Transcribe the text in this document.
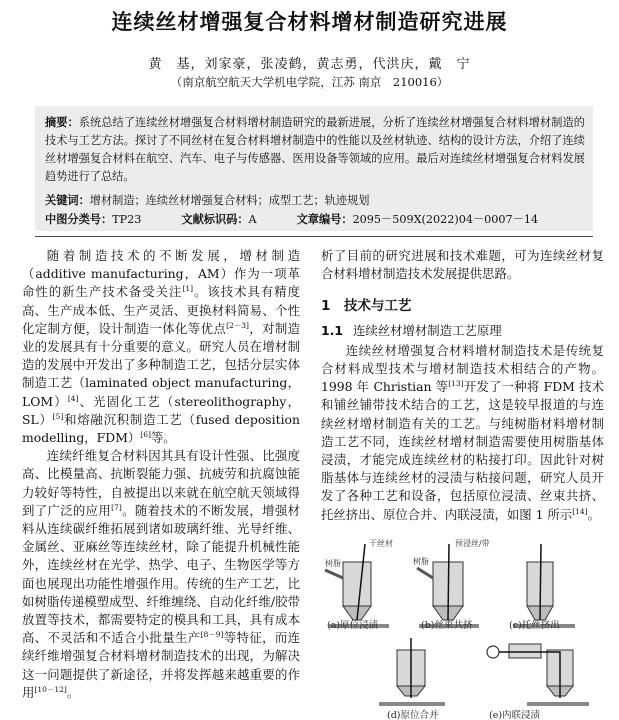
连续丝材增强复合材料增材制造研究进展
黄　基，刘家豪，张凌鹤，黄志勇，代洪庆，戴　宁
（南京航空航天大学机电学院，江苏 南京　210016）
摘要：系统总结了连续丝材增强复合材料增材制造研究的最新进展，分析了连续丝材增强复合材料增材制造的技术与工艺方法。探讨了不同丝材在复合材料增材制造中的性能以及丝材轨迹、结构的设计方法，介绍了连续丝材增强复合材料在航空、汽车、电子与传感器、医用设备等领域的应用。最后对连续丝材增强复合材料发展趋势进行了总结。
关键词：增材制造；连续丝材增强复合材料；成型工艺；轨迹规划
中图分类号：TP23	文献标识码：A	文章编号：2095－509X(2022)04－0007－14

随着制造技术的不断发展，增材制造（additive manufacturing，AM）作为一项革命性的新生产技术备受关注[1]。该技术具有精度高、生产成本低、生产灵活、更换材料简易、个性化定制方便，设计制造一体化等优点[2－3]，对制造业的发展具有十分重要的意义。研究人员在增材制造的发展中开发出了多种制造工艺，包括分层实体制造工艺（laminated object manufacturing，LOM）[4]、光固化工艺（stereolithography，SL）[5]和熔融沉积制造工艺（fused deposition modelling，FDM）[6]等。

连续纤维复合材料因其具有设计性强、比强度高、比模量高、抗断裂能力强、抗疲劳和抗腐蚀能力较好等特性，自被提出以来就在航空航天领域得到了广泛的应用[7]。随着技术的不断发展，增强材料从连续碳纤维拓展到诸如玻璃纤维、光导纤维、金属丝、亚麻丝等连续丝材，除了能提升机械性能外，连续丝材在光学、热学、电子、生物医学等方面也展现出功能性增强作用。传统的生产工艺，比如树脂传递模塑成型、纤维缠绕、自动化纤维/胶带放置等技术，都需要特定的模具和工具，具有成本高、不灵活和不适合小批量生产[8－9]等特征，而连续纤维增强复合材料增材制造技术的出现，为解决这一问题提供了新途径，并将发挥越来越重要的作用[10－12]。

析了目前的研究进展和技术难题，可为连续丝材复合材料增材制造技术发展提供思路。

1　 技术与工艺
1.1 连续丝材增材制造工艺原理

连续丝材增强复合材料增材制造技术是传统复合材料成型技术与增材制造技术相结合的产物。1998 年 Christian 等[13]开发了一种将 FDM 技术和铺丝铺带技术结合的工艺，这是较早报道的与连续丝材增材制造有关的工艺。与纯树脂材料增材制造工艺不同，连续丝材增材制造需要使用树脂基体浸渍，才能完成连续丝材的粘接打印。因此针对树脂基体与连续丝材的浸渍与粘接问题，研究人员开发了各种工艺和设备，包括原位浸渍、丝束共挤、托丝挤出、原位合并、内联浸渍，如图 1 所示[14]。

干丝材
树脂
(a)原位浸渍
预浸丝/带
树脂
(b)丝束共挤	(c)托丝挤出
(d)原位合并	(e)内联浸渍
